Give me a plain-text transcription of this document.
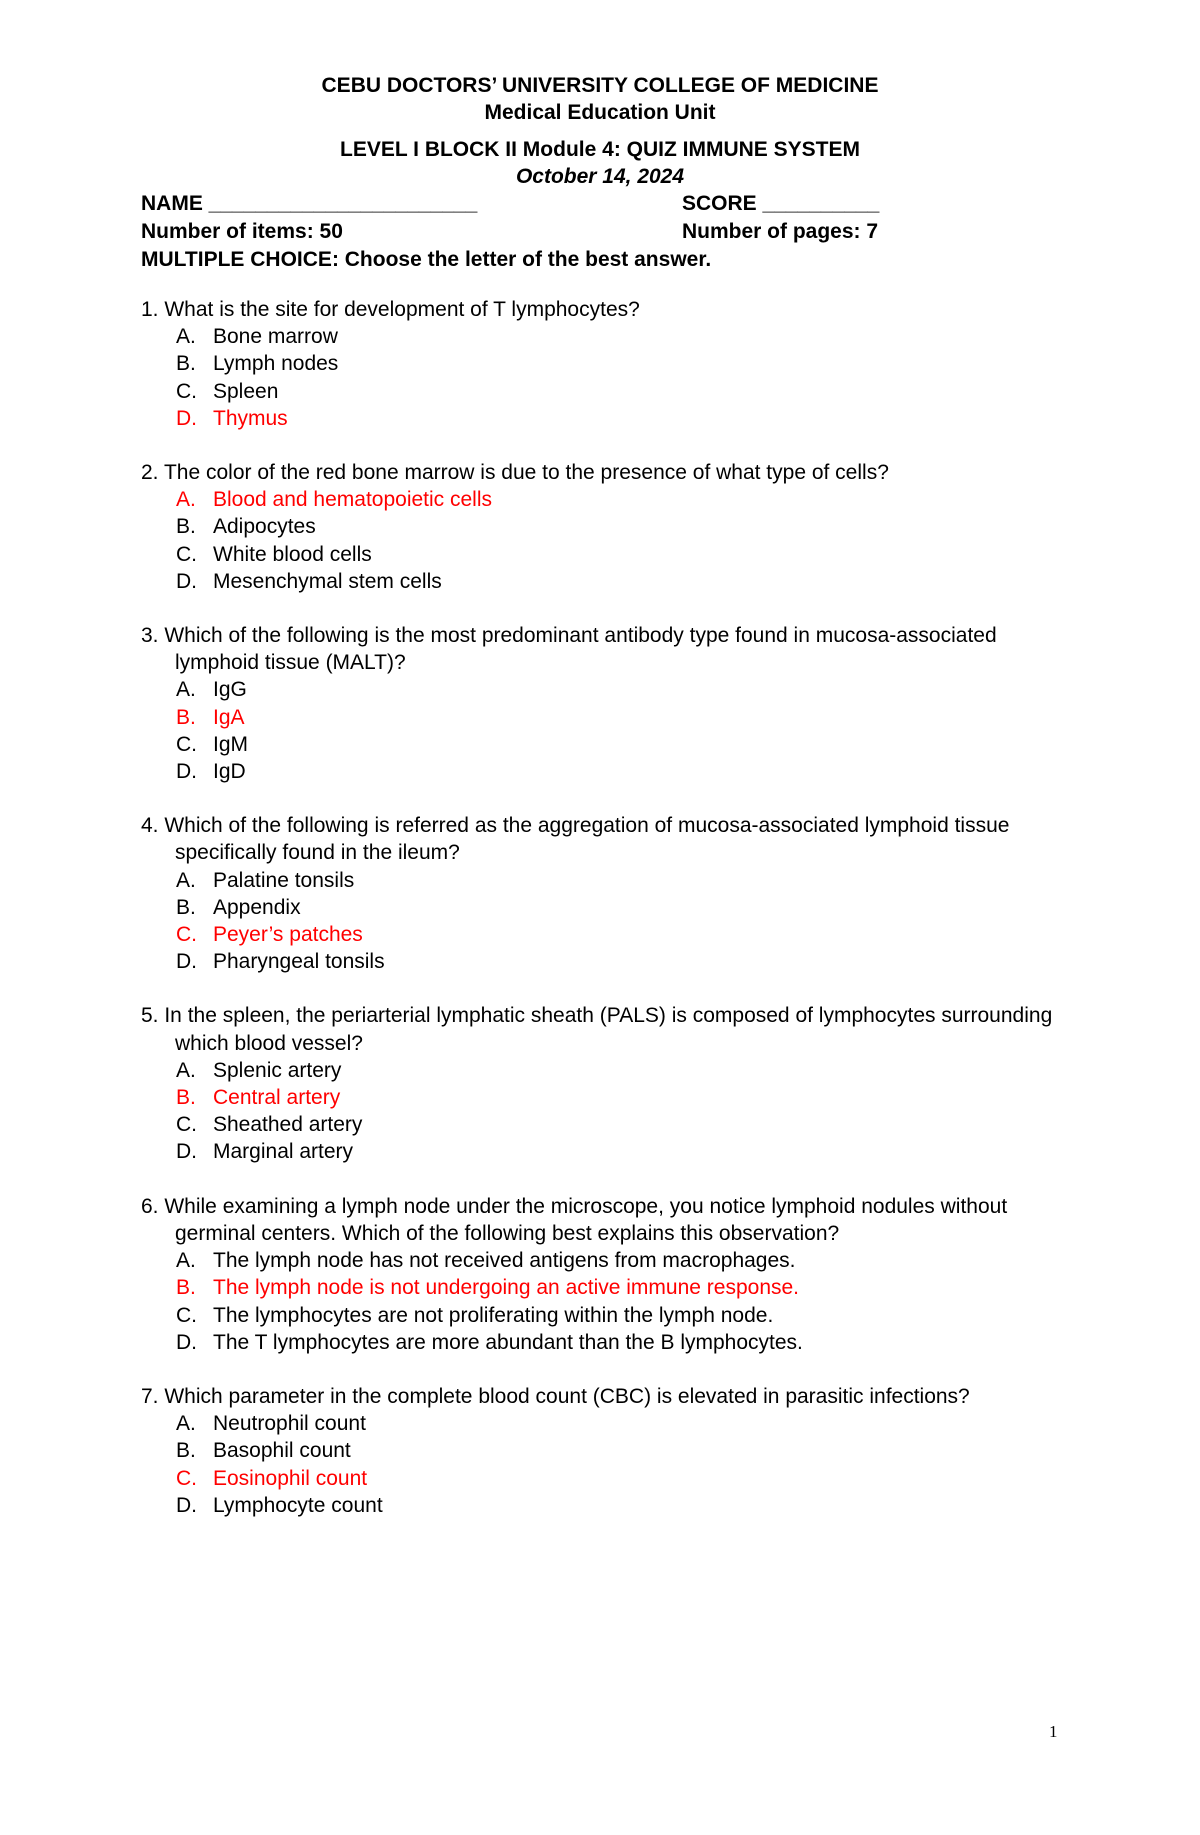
CEBU DOCTORS’ UNIVERSITY COLLEGE OF MEDICINE
Medical Education Unit
LEVEL I BLOCK II Module 4: QUIZ IMMUNE SYSTEM
October 14, 2024
NAME _______________________	SCORE __________
Number of items: 50	Number of pages: 7
MULTIPLE CHOICE: Choose the letter of the best answer.
1. What is the site for development of T lymphocytes?
A. Bone marrow
B. Lymph nodes
C. Spleen
D. Thymus
2. The color of the red bone marrow is due to the presence of what type of cells?
A. Blood and hematopoietic cells
B. Adipocytes
C. White blood cells
D. Mesenchymal stem cells
3. Which of the following is the most predominant antibody type found in mucosa-associated lymphoid tissue (MALT)?
A. IgG
B. IgA
C. IgM
D. IgD
4. Which of the following is referred as the aggregation of mucosa-associated lymphoid tissue specifically found in the ileum?
A. Palatine tonsils
B. Appendix
C. Peyer’s patches
D. Pharyngeal tonsils
5. In the spleen, the periarterial lymphatic sheath (PALS) is composed of lymphocytes surrounding which blood vessel?
A. Splenic artery
B. Central artery
C. Sheathed artery
D. Marginal artery
6. While examining a lymph node under the microscope, you notice lymphoid nodules without germinal centers. Which of the following best explains this observation?
A. The lymph node has not received antigens from macrophages.
B. The lymph node is not undergoing an active immune response.
C. The lymphocytes are not proliferating within the lymph node.
D. The T lymphocytes are more abundant than the B lymphocytes.
7. Which parameter in the complete blood count (CBC) is elevated in parasitic infections?
A. Neutrophil count
B. Basophil count
C. Eosinophil count
D. Lymphocyte count
1
